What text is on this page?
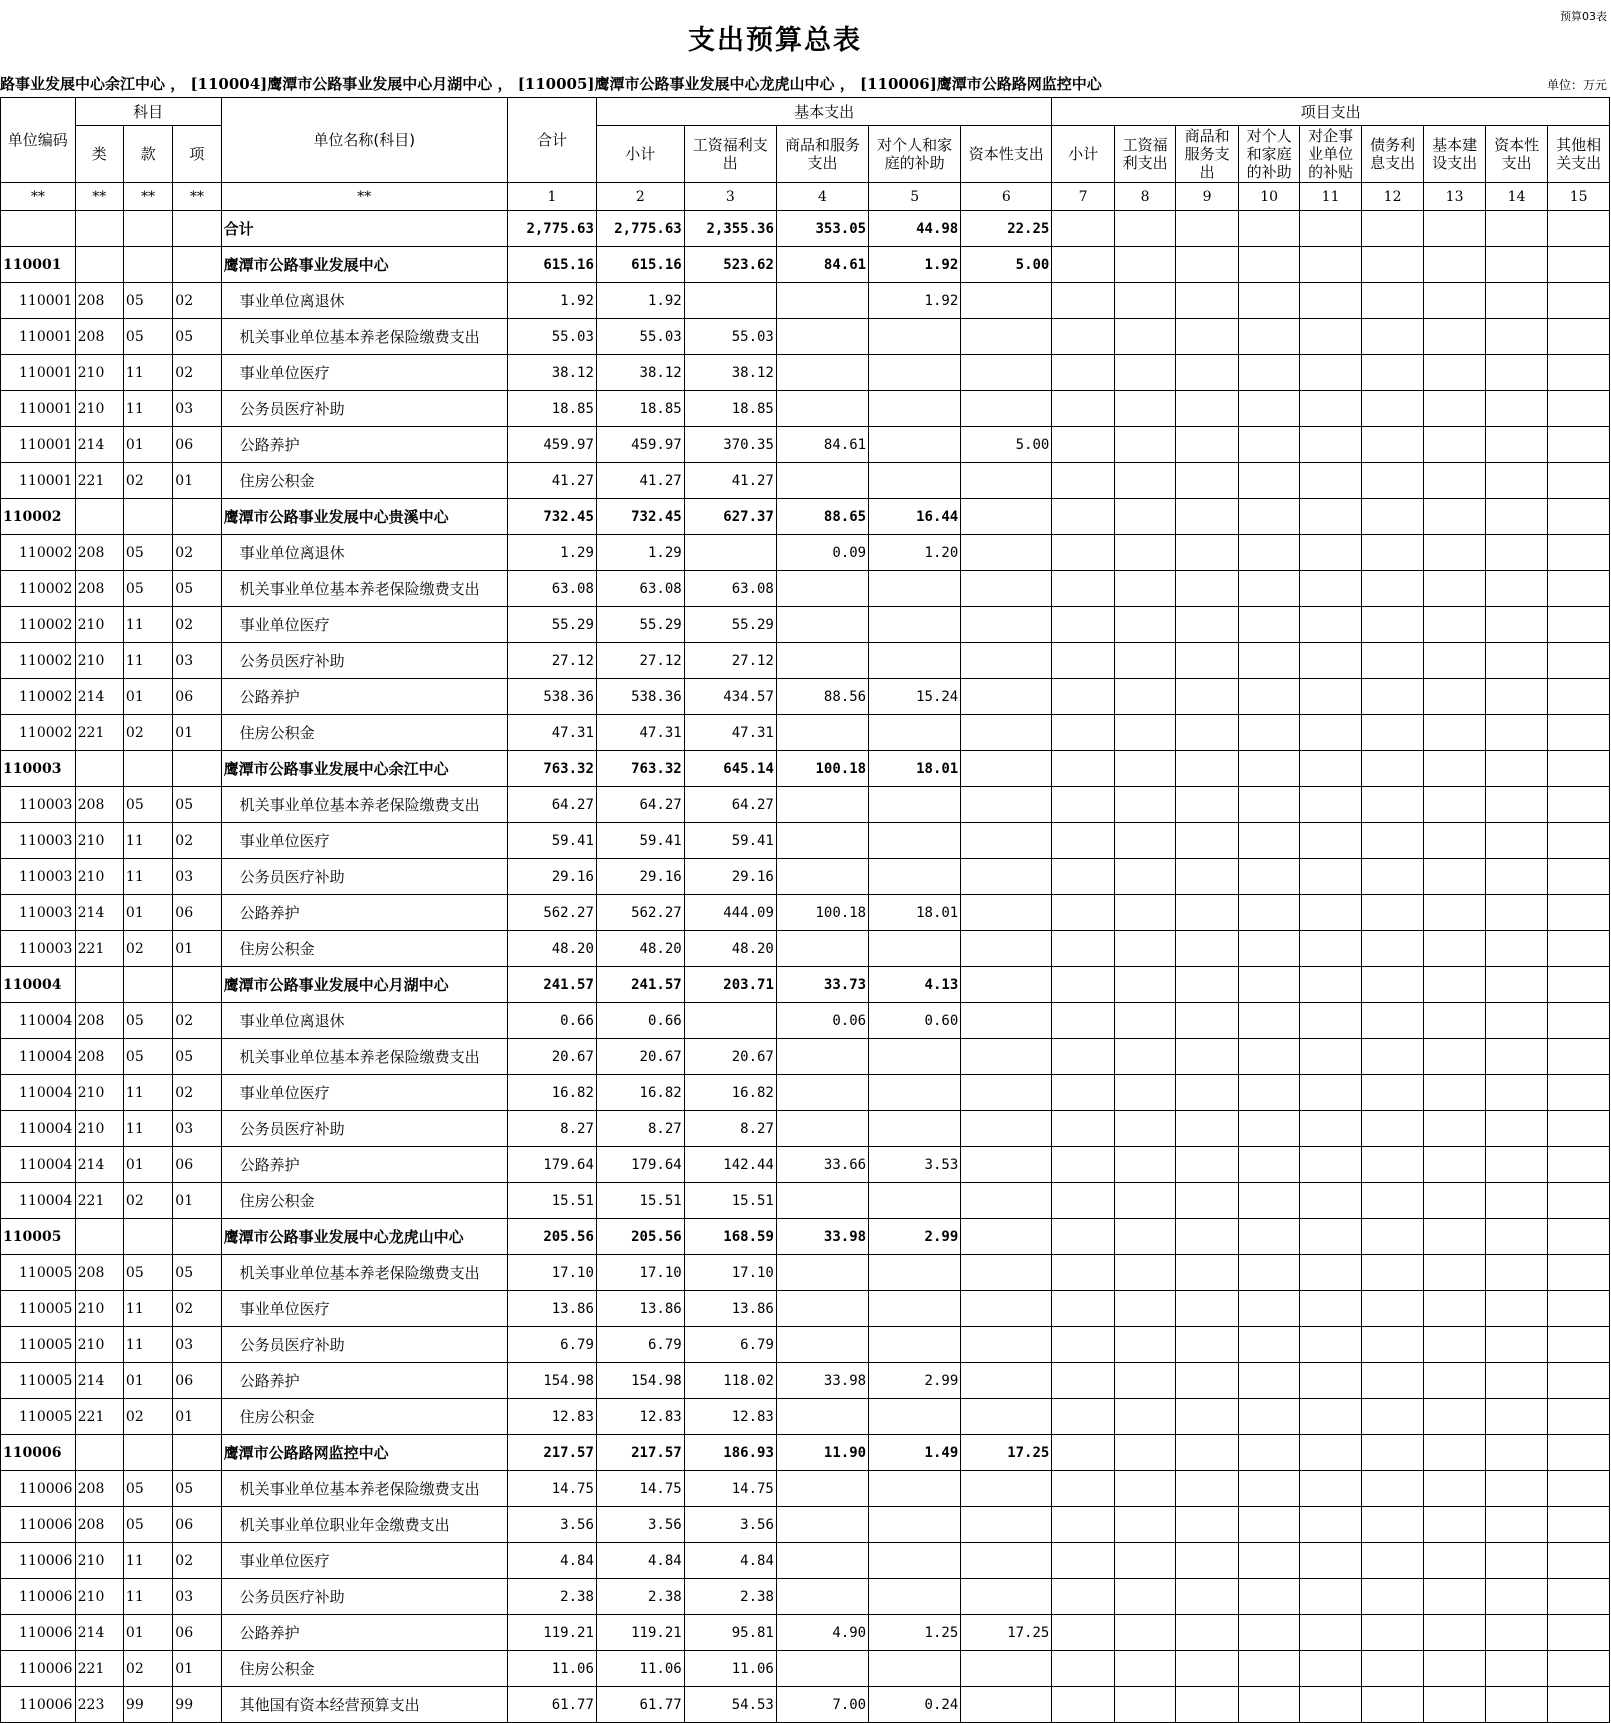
预算03表
支出预算总表
路事业发展中心余江中心 ， [110004]鹰潭市公路事业发展中心月湖中心 ， [110005]鹰潭市公路事业发展中心龙虎山中心 ， [110006]鹰潭市公路路网监控中心	单位：万元
单位编码	科目			单位名称(科目)	合计	基本支出					项目支出								
	类	款	项			小计	工资福利支出	商品和服务支出	对个人和家庭的补助	资本性支出	小计	工资福利支出	商品和服务支出	对个人和家庭的补助	对企事业单位的补贴	债务利息支出	基本建设支出	资本性支出	其他相关支出
**	**	**	**	**	1	2	3	4	5	6	7	8	9	10	11	12	13	14	15
				合计	2,775.63	2,775.63	2,355.36	353.05	44.98	22.25									
110001				鹰潭市公路事业发展中心	615.16	615.16	523.62	84.61	1.92	5.00									
110001	208	05	02	事业单位离退休	1.92	1.92			1.92										
110001	208	05	05	机关事业单位基本养老保险缴费支出	55.03	55.03	55.03												
110001	210	11	02	事业单位医疗	38.12	38.12	38.12												
110001	210	11	03	公务员医疗补助	18.85	18.85	18.85												
110001	214	01	06	公路养护	459.97	459.97	370.35	84.61		5.00									
110001	221	02	01	住房公积金	41.27	41.27	41.27												
110002				鹰潭市公路事业发展中心贵溪中心	732.45	732.45	627.37	88.65	16.44										
110002	208	05	02	事业单位离退休	1.29	1.29		0.09	1.20										
110002	208	05	05	机关事业单位基本养老保险缴费支出	63.08	63.08	63.08												
110002	210	11	02	事业单位医疗	55.29	55.29	55.29												
110002	210	11	03	公务员医疗补助	27.12	27.12	27.12												
110002	214	01	06	公路养护	538.36	538.36	434.57	88.56	15.24										
110002	221	02	01	住房公积金	47.31	47.31	47.31												
110003				鹰潭市公路事业发展中心余江中心	763.32	763.32	645.14	100.18	18.01										
110003	208	05	05	机关事业单位基本养老保险缴费支出	64.27	64.27	64.27												
110003	210	11	02	事业单位医疗	59.41	59.41	59.41												
110003	210	11	03	公务员医疗补助	29.16	29.16	29.16												
110003	214	01	06	公路养护	562.27	562.27	444.09	100.18	18.01										
110003	221	02	01	住房公积金	48.20	48.20	48.20												
110004				鹰潭市公路事业发展中心月湖中心	241.57	241.57	203.71	33.73	4.13										
110004	208	05	02	事业单位离退休	0.66	0.66		0.06	0.60										
110004	208	05	05	机关事业单位基本养老保险缴费支出	20.67	20.67	20.67												
110004	210	11	02	事业单位医疗	16.82	16.82	16.82												
110004	210	11	03	公务员医疗补助	8.27	8.27	8.27												
110004	214	01	06	公路养护	179.64	179.64	142.44	33.66	3.53										
110004	221	02	01	住房公积金	15.51	15.51	15.51												
110005				鹰潭市公路事业发展中心龙虎山中心	205.56	205.56	168.59	33.98	2.99										
110005	208	05	05	机关事业单位基本养老保险缴费支出	17.10	17.10	17.10												
110005	210	11	02	事业单位医疗	13.86	13.86	13.86												
110005	210	11	03	公务员医疗补助	6.79	6.79	6.79												
110005	214	01	06	公路养护	154.98	154.98	118.02	33.98	2.99										
110005	221	02	01	住房公积金	12.83	12.83	12.83												
110006				鹰潭市公路路网监控中心	217.57	217.57	186.93	11.90	1.49	17.25									
110006	208	05	05	机关事业单位基本养老保险缴费支出	14.75	14.75	14.75												
110006	208	05	06	机关事业单位职业年金缴费支出	3.56	3.56	3.56												
110006	210	11	02	事业单位医疗	4.84	4.84	4.84												
110006	210	11	03	公务员医疗补助	2.38	2.38	2.38												
110006	214	01	06	公路养护	119.21	119.21	95.81	4.90	1.25	17.25									
110006	221	02	01	住房公积金	11.06	11.06	11.06												
110006	223	99	99	其他国有资本经营预算支出	61.77	61.77	54.53	7.00	0.24										
